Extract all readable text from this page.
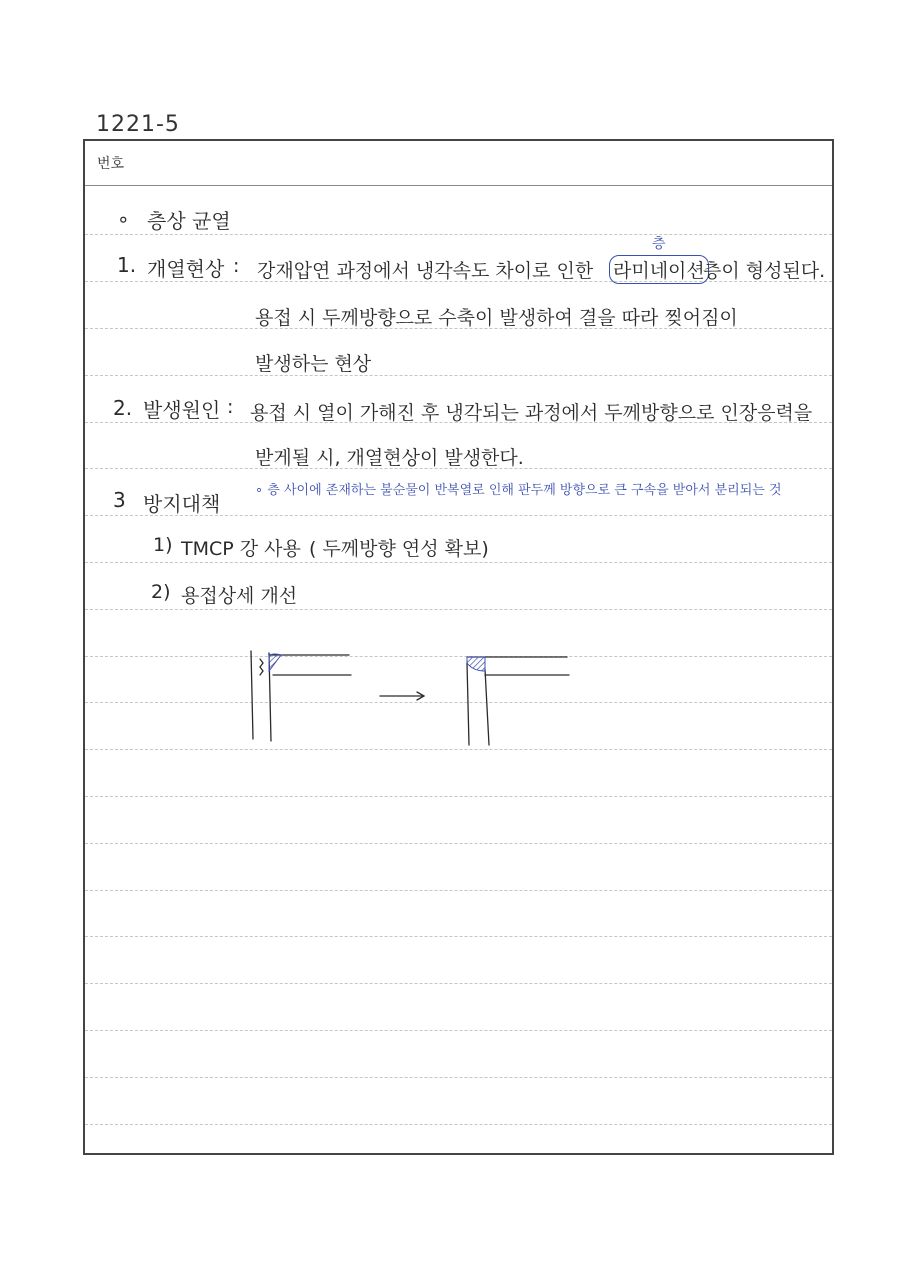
1221-5
번호
∘ 층상 균열
1. 개열현상 : 강재압연 과정에서 냉각속도 차이로 인한
층
라미네이션
층이 형성된다.
용접 시 두께방향으로 수축이 발생하여 결을 따라 찢어짐이
발생하는 현상
2. 발생원인 : 용접 시 열이 가해진 후 냉각되는 과정에서 두께방향으로 인장응력을
받게될 시, 개열현상이 발생한다.
3 방지대책
∘ 층 사이에 존재하는 불순물이 반복열로 인해 판두께 방향으로 큰 구속을 받아서 분리되는 것
1) TMCP 강 사용 ( 두께방향 연성 확보)
2) 용접상세 개선
